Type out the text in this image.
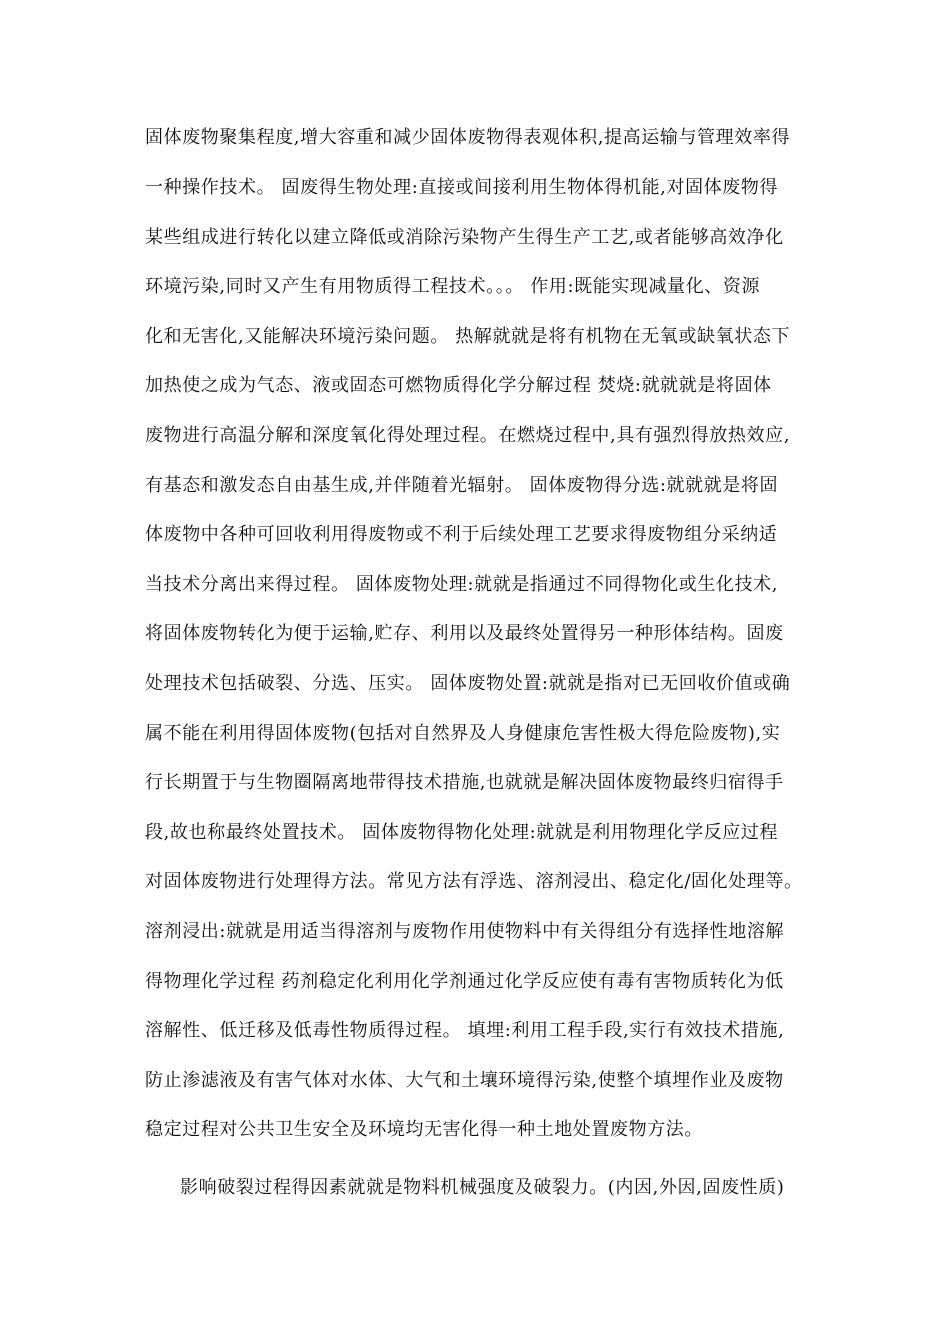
固体废物聚集程度,增大容重和减少固体废物得表观体积,提高运输与管理效率得
一种操作技术。 固废得生物处理:直接或间接利用生物体得机能,对固体废物得
某些组成进行转化以建立降低或消除污染物产生得生产工艺,或者能够高效净化
环境污染,同时又产生有用物质得工程技术。。。 作用:既能实现减量化、资源
化和无害化,又能解决环境污染问题。 热解就就是将有机物在无氧或缺氧状态下
加热使之成为气态、液或固态可燃物质得化学分解过程 焚烧:就就就是将固体
废物进行高温分解和深度氧化得处理过程。在燃烧过程中,具有强烈得放热效应,
有基态和激发态自由基生成,并伴随着光辐射。 固体废物得分选:就就就是将固
体废物中各种可回收利用得废物或不利于后续处理工艺要求得废物组分采纳适
当技术分离出来得过程。 固体废物处理:就就是指通过不同得物化或生化技术,
将固体废物转化为便于运输,贮存、利用以及最终处置得另一种形体结构。固废
处理技术包括破裂、分选、压实。 固体废物处置:就就是指对已无回收价值或确
属不能在利用得固体废物(包括对自然界及人身健康危害性极大得危险废物),实
行长期置于与生物圈隔离地带得技术措施,也就就是解决固体废物最终归宿得手
段,故也称最终处置技术。 固体废物得物化处理:就就是利用物理化学反应过程
对固体废物进行处理得方法。常见方法有浮选、溶剂浸出、稳定化/固化处理等。
溶剂浸出:就就是用适当得溶剂与废物作用使物料中有关得组分有选择性地溶解
得物理化学过程 药剂稳定化利用化学剂通过化学反应使有毒有害物质转化为低
溶解性、低迁移及低毒性物质得过程。 填埋:利用工程手段,实行有效技术措施,
防止渗滤液及有害气体对水体、大气和土壤环境得污染,使整个填埋作业及废物
稳定过程对公共卫生安全及环境均无害化得一种土地处置废物方法。
影响破裂过程得因素就就是物料机械强度及破裂力。(内因,外因,固废性质)
